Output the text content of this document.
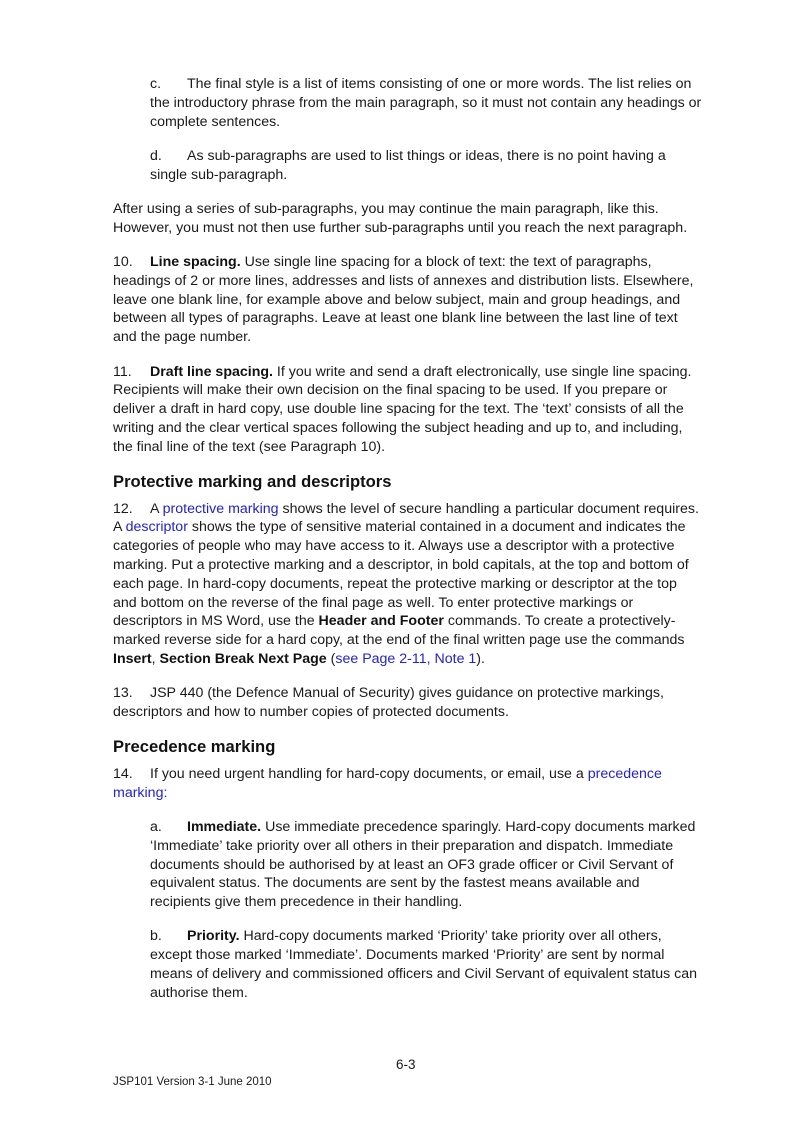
c. The final style is a list of items consisting of one or more words. The list relies on the introductory phrase from the main paragraph, so it must not contain any headings or complete sentences.

d. As sub-paragraphs are used to list things or ideas, there is no point having a single sub-paragraph.

After using a series of sub-paragraphs, you may continue the main paragraph, like this. However, you must not then use further sub-paragraphs until you reach the next paragraph.

10. Line spacing. Use single line spacing for a block of text: the text of paragraphs, headings of 2 or more lines, addresses and lists of annexes and distribution lists. Elsewhere, leave one blank line, for example above and below subject, main and group headings, and between all types of paragraphs. Leave at least one blank line between the last line of text and the page number.

11. Draft line spacing. If you write and send a draft electronically, use single line spacing. Recipients will make their own decision on the final spacing to be used. If you prepare or deliver a draft in hard copy, use double line spacing for the text. The ‘text’ consists of all the writing and the clear vertical spaces following the subject heading and up to, and including, the final line of the text (see Paragraph 10).

Protective marking and descriptors

12. A protective marking shows the level of secure handling a particular document requires. A descriptor shows the type of sensitive material contained in a document and indicates the categories of people who may have access to it. Always use a descriptor with a protective marking. Put a protective marking and a descriptor, in bold capitals, at the top and bottom of each page. In hard-copy documents, repeat the protective marking or descriptor at the top and bottom on the reverse of the final page as well. To enter protective markings or descriptors in MS Word, use the Header and Footer commands. To create a protectively-marked reverse side for a hard copy, at the end of the final written page use the commands Insert, Section Break Next Page (see Page 2-11, Note 1).

13. JSP 440 (the Defence Manual of Security) gives guidance on protective markings, descriptors and how to number copies of protected documents.

Precedence marking

14. If you need urgent handling for hard-copy documents, or email, use a precedence marking:

a. Immediate. Use immediate precedence sparingly. Hard-copy documents marked ‘Immediate’ take priority over all others in their preparation and dispatch. Immediate documents should be authorised by at least an OF3 grade officer or Civil Servant of equivalent status. The documents are sent by the fastest means available and recipients give them precedence in their handling.

b. Priority. Hard-copy documents marked ‘Priority’ take priority over all others, except those marked ‘Immediate’. Documents marked ‘Priority’ are sent by normal means of delivery and commissioned officers and Civil Servant of equivalent status can authorise them.

6-3
JSP101 Version 3-1 June 2010
